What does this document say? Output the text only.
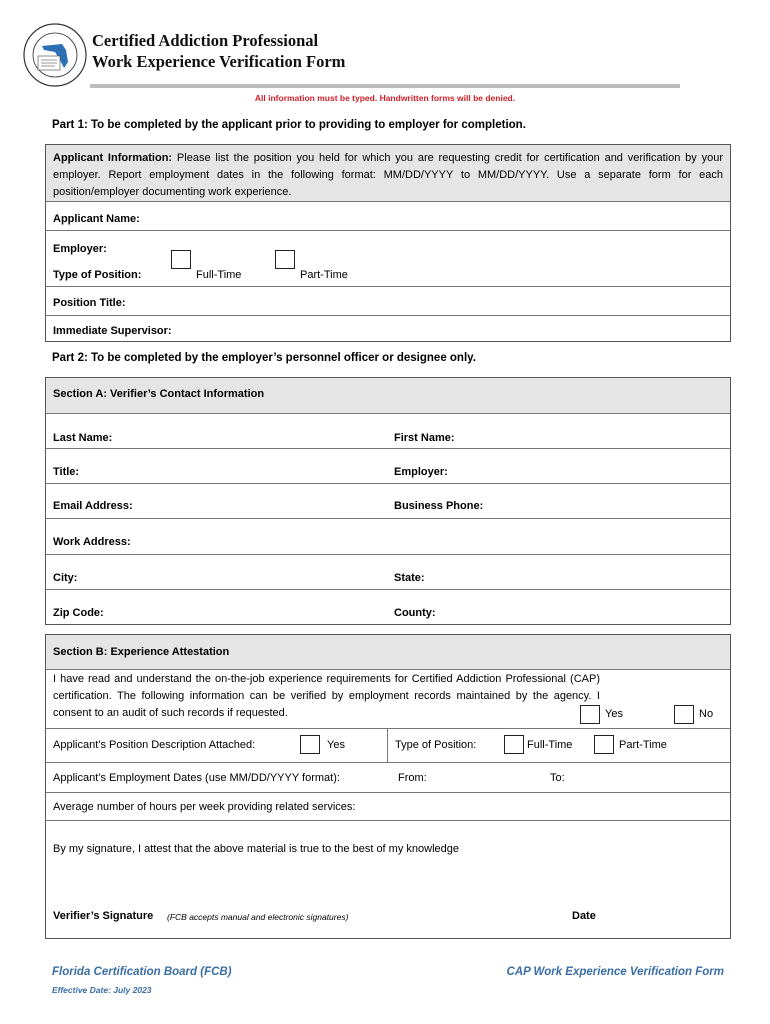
Certified Addiction Professional
Work Experience Verification Form
All information must be typed. Handwritten forms will be denied.
Part 1: To be completed by the applicant prior to providing to employer for completion.
Applicant Information: Please list the position you held for which you are requesting credit for certification and verification by your employer. Report employment dates in the following format: MM/DD/YYYY to MM/DD/YYYY. Use a separate form for each position/employer documenting work experience.
Applicant Name:
Employer:
Type of Position:	Full-Time	Part-Time
Position Title:
Immediate Supervisor:
Part 2: To be completed by the employer’s personnel officer or designee only.
Section A: Verifier’s Contact Information
Last Name:	First Name:
Title:	Employer:
Email Address:	Business Phone:
Work Address:
City:	State:
Zip Code:	County:
Section B: Experience Attestation
I have read and understand the on-the-job experience requirements for Certified Addiction Professional (CAP) certification. The following information can be verified by employment records maintained by the agency. I consent to an audit of such records if requested.	Yes	No
Applicant’s Position Description Attached:	Yes	Type of Position:	Full-Time	Part-Time
Applicant’s Employment Dates (use MM/DD/YYYY format):	From:	To:
Average number of hours per week providing related services:
By my signature, I attest that the above material is true to the best of my knowledge
Verifier’s Signature (FCB accepts manual and electronic signatures)	Date
Florida Certification Board (FCB)
Effective Date: July 2023
CAP Work Experience Verification Form
